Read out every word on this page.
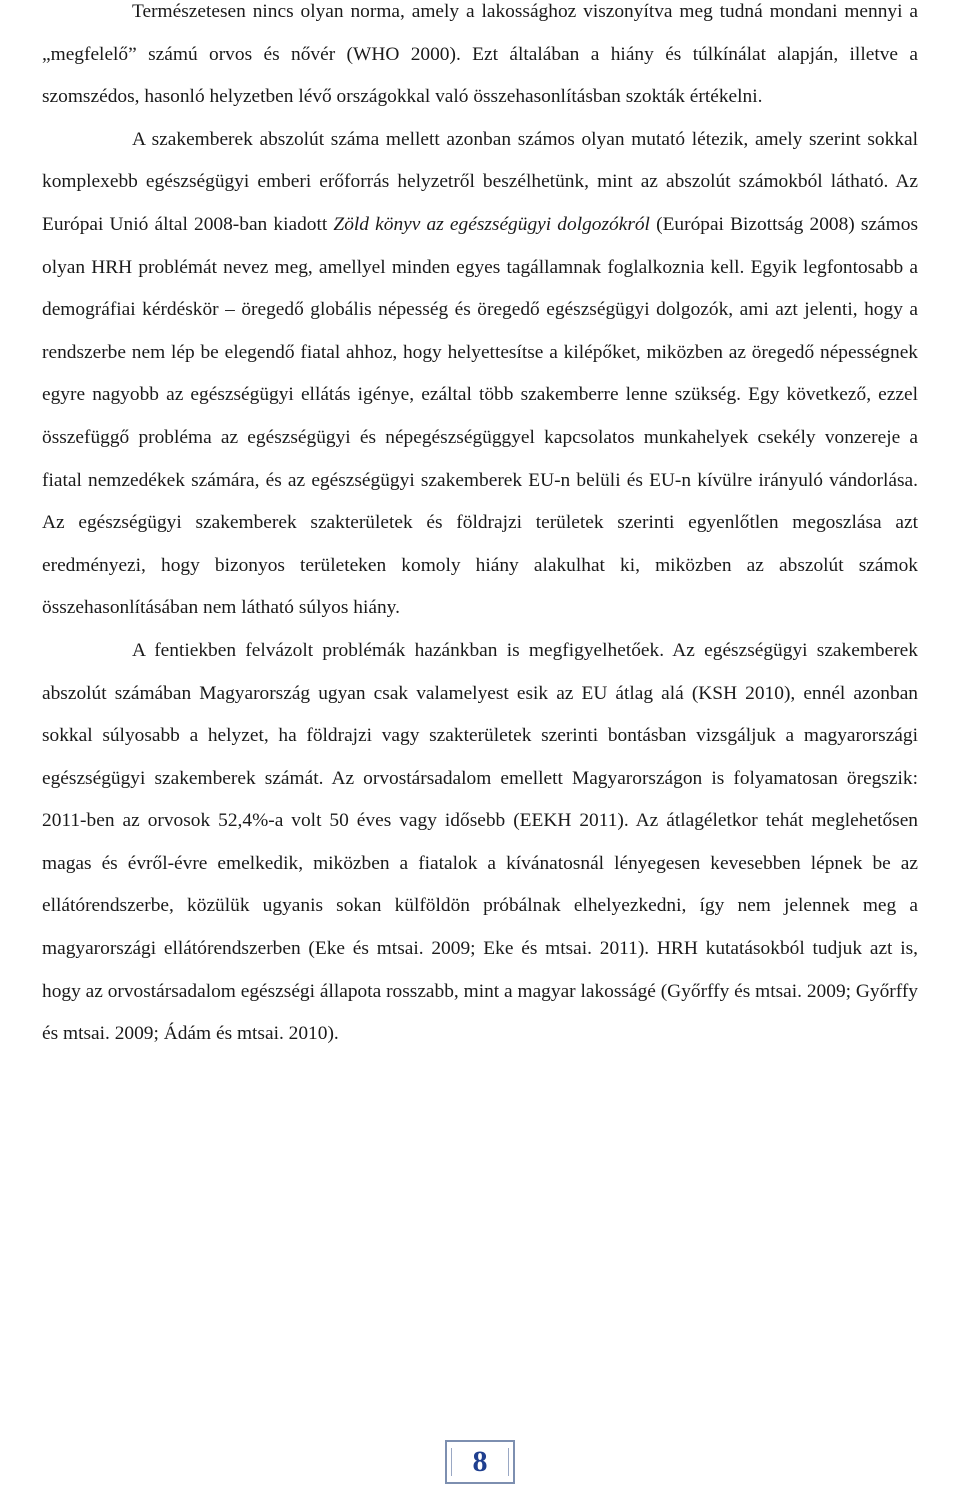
Természetesen nincs olyan norma, amely a lakossághoz viszonyítva meg tudná mondani mennyi a „megfelelő” számú orvos és nővér (WHO 2000). Ezt általában a hiány és túlkínálat alapján, illetve a szomszédos, hasonló helyzetben lévő országokkal való összehasonlításban szokták értékelni.

A szakemberek abszolút száma mellett azonban számos olyan mutató létezik, amely szerint sokkal komplexebb egészségügyi emberi erőforrás helyzetről beszélhetünk, mint az abszolút számokból látható. Az Európai Unió által 2008-ban kiadott Zöld könyv az egészségügyi dolgozókról (Európai Bizottság 2008) számos olyan HRH problémát nevez meg, amellyel minden egyes tagállamnak foglalkoznia kell. Egyik legfontosabb a demográfiai kérdéskör – öregedő globális népesség és öregedő egészségügyi dolgozók, ami azt jelenti, hogy a rendszerbe nem lép be elegendő fiatal ahhoz, hogy helyettesítse a kilépőket, miközben az öregedő népességnek egyre nagyobb az egészségügyi ellátás igénye, ezáltal több szakemberre lenne szükség. Egy következő, ezzel összefüggő probléma az egészségügyi és népegészségüggyel kapcsolatos munkahelyek csekély vonzereje a fiatal nemzedékek számára, és az egészségügyi szakemberek EU-n belüli és EU-n kívülre irányuló vándorlása. Az egészségügyi szakemberek szakterületek és földrajzi területek szerinti egyenlőtlen megoszlása azt eredményezi, hogy bizonyos területeken komoly hiány alakulhat ki, miközben az abszolút számok összehasonlításában nem látható súlyos hiány.

A fentiekben felvázolt problémák hazánkban is megfigyelhetőek. Az egészségügyi szakemberek abszolút számában Magyarország ugyan csak valamelyest esik az EU átlag alá (KSH 2010), ennél azonban sokkal súlyosabb a helyzet, ha földrajzi vagy szakterületek szerinti bontásban vizsgáljuk a magyarországi egészségügyi szakemberek számát. Az orvostársadalom emellett Magyarországon is folyamatosan öregszik: 2011-ben az orvosok 52,4%-a volt 50 éves vagy idősebb (EEKH 2011). Az átlagéletkor tehát meglehetősen magas és évről-évre emelkedik, miközben a fiatalok a kívánatosnál lényegesen kevesebben lépnek be az ellátórendszerbe, közülük ugyanis sokan külföldön próbálnak elhelyezkedni, így nem jelennek meg a magyarországi ellátórendszerben (Eke és mtsai. 2009; Eke és mtsai. 2011). HRH kutatásokból tudjuk azt is, hogy az orvostársadalom egészségi állapota rosszabb, mint a magyar lakosságé (Győrffy és mtsai. 2009; Győrffy és mtsai. 2009; Ádám és mtsai. 2010).

8
